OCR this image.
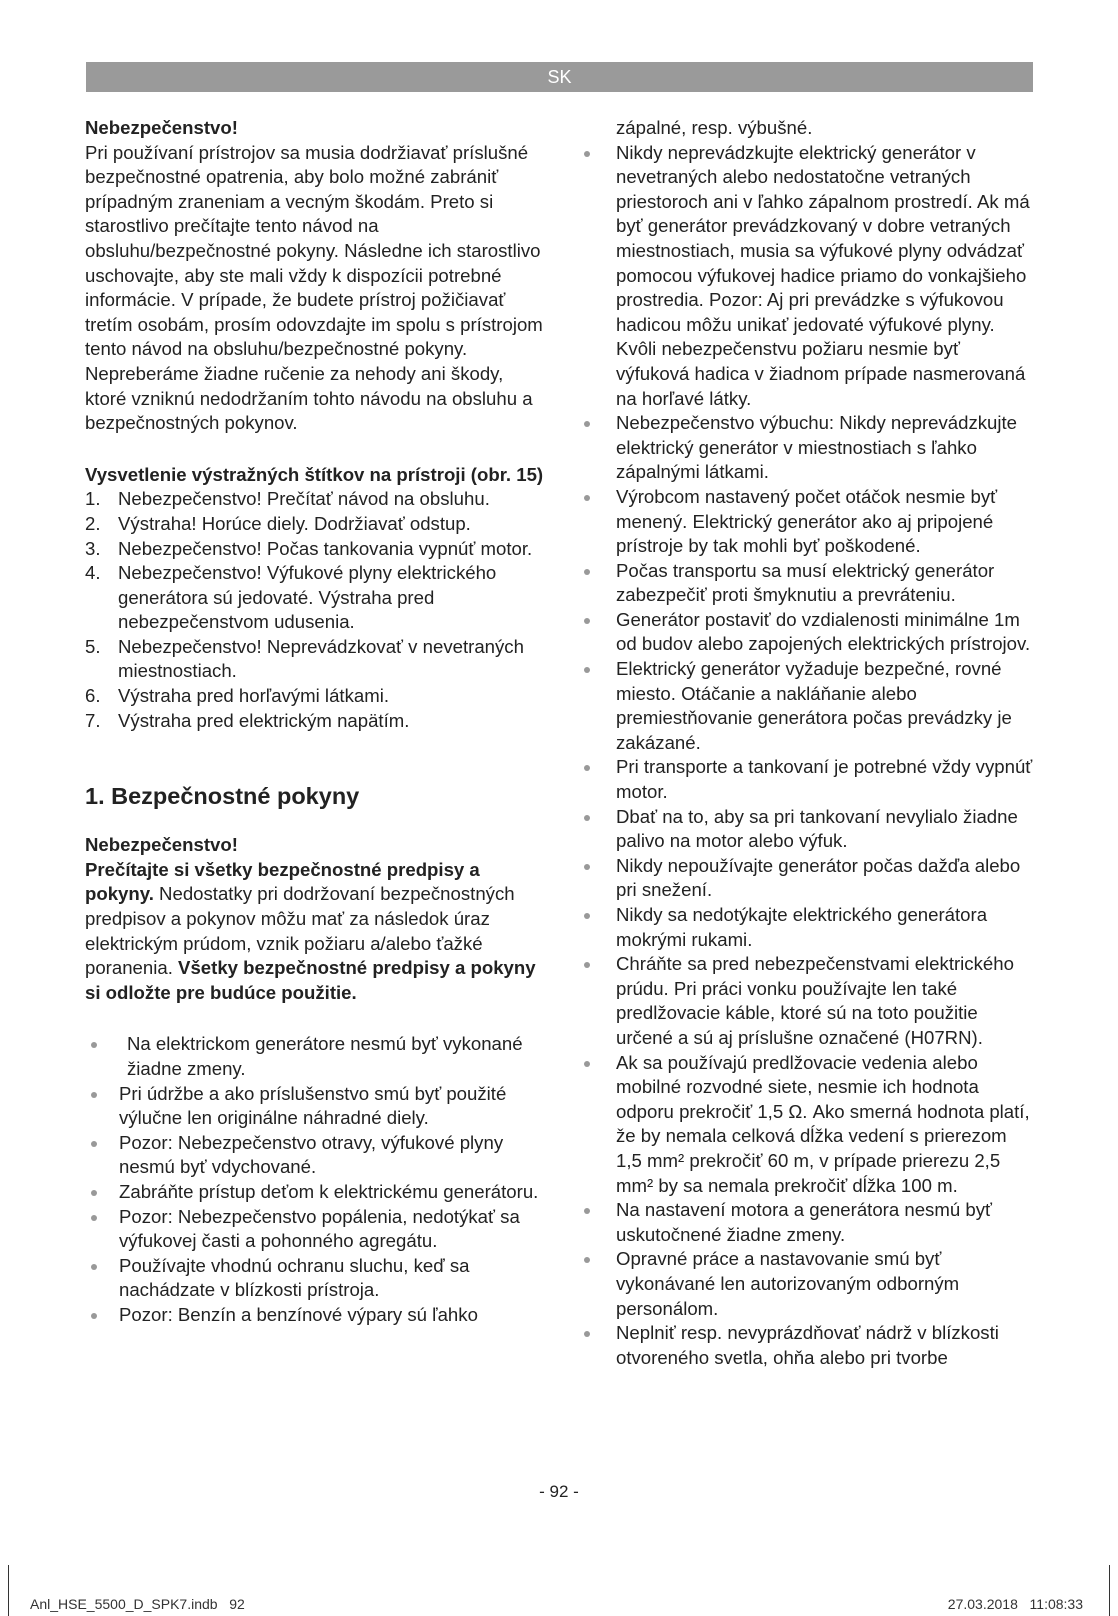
SK

Nebezpečenstvo!

Pri používaní prístrojov sa musia dodržiavať príslušné bezpečnostné opatrenia, aby bolo možné zabrániť prípadným zraneniam a vecným škodám. Preto si starostlivo prečítajte tento návod na obsluhu/bezpečnostné pokyny. Následne ich starostlivo uschovajte, aby ste mali vždy k dispozícii potrebné informácie. V prípade, že budete prístroj požičiavať tretím osobám, prosím odovzdajte im spolu s prístrojom tento návod na obsluhu/bezpečnostné pokyny. Nepreberáme žiadne ručenie za nehody ani škody, ktoré vzniknú nedodržaním tohto návodu na obsluhu a bezpečnostných pokynov.

Vysvetlenie výstražných štítkov na prístroji (obr. 15)

1. Nebezpečenstvo! Prečítať návod na obsluhu.
2. Výstraha! Horúce diely. Dodržiavať odstup.
3. Nebezpečenstvo! Počas tankovania vypnúť motor.
4. Nebezpečenstvo! Výfukové plyny elektrického generátora sú jedovaté. Výstraha pred nebezpečenstvom udusenia.
5. Nebezpečenstvo! Neprevádzkovať v nevetraných miestnostiach.
6. Výstraha pred horľavými látkami.
7. Výstraha pred elektrickým napätím.
1. Bezpečnostné pokyny

Nebezpečenstvo!

Prečítajte si všetky bezpečnostné predpisy a pokyny. Nedostatky pri dodržovaní bezpečnostných predpisov a pokynov môžu mať za následok úraz elektrickým prúdom, vznik požiaru a/alebo ťažké poranenia. Všetky bezpečnostné predpisy a pokyny si odložte pre budúce použitie.

Na elektrickom generátore nesmú byť vykonané žiadne zmeny.
Pri údržbe a ako príslušenstvo smú byť použité výlučne len originálne náhradné diely.
Pozor: Nebezpečenstvo otravy, výfukové plyny nesmú byť vdychované.
Zabráňte prístup deťom k elektrickému generátoru.
Pozor: Nebezpečenstvo popálenia, nedotýkať sa výfukovej časti a pohonného agregátu.
Používajte vhodnú ochranu sluchu, keď sa nachádzate v blízkosti prístroja.
Pozor: Benzín a benzínové výpary sú ľahko

zápalné, resp. výbušné.

Nikdy neprevádzkujte elektrický generátor v nevetraných alebo nedostatočne vetraných priestoroch ani v ľahko zápalnom prostredí. Ak má byť generátor prevádzkovaný v dobre vetraných miestnostiach, musia sa výfukové plyny odvádzať pomocou výfukovej hadice priamo do vonkajšieho prostredia. Pozor: Aj pri prevádzke s výfukovou hadicou môžu unikať jedovaté výfukové plyny. Kvôli nebezpečenstvu požiaru nesmie byť výfuková hadica v žiadnom prípade nasmerovaná na horľavé látky.
Nebezpečenstvo výbuchu: Nikdy neprevádzkujte elektrický generátor v miestnostiach s ľahko zápalnými látkami.
Výrobcom nastavený počet otáčok nesmie byť menený. Elektrický generátor ako aj pripojené prístroje by tak mohli byť poškodené.
Počas transportu sa musí elektrický generátor zabezpečiť proti šmyknutiu a prevráteniu.
Generátor postaviť do vzdialenosti minimálne 1m od budov alebo zapojených elektrických prístrojov.
Elektrický generátor vyžaduje bezpečné, rovné miesto. Otáčanie a nakláňanie alebo premiestňovanie generátora počas prevádzky je zakázané.
Pri transporte a tankovaní je potrebné vždy vypnúť motor.
Dbať na to, aby sa pri tankovaní nevylialo žiadne palivo na motor alebo výfuk.
Nikdy nepoužívajte generátor počas dažďa alebo pri snežení.
Nikdy sa nedotýkajte elektrického generátora mokrými rukami.
Chráňte sa pred nebezpečenstvami elektrického prúdu. Pri práci vonku používajte len také predlžovacie káble, ktoré sú na toto použitie určené a sú aj príslušne označené (H07RN).
Ak sa používajú predlžovacie vedenia alebo mobilné rozvodné siete, nesmie ich hodnota odporu prekročiť 1,5 Ω. Ako smerná hodnota platí, že by nemala celková dĺžka vedení s prierezom 1,5 mm² prekročiť 60 m, v prípade prierezu 2,5 mm² by sa nemala prekročiť dĺžka 100 m.
Na nastavení motora a generátora nesmú byť uskutočnené žiadne zmeny.
Opravné práce a nastavovanie smú byť vykonávané len autorizovaným odborným personálom.
Neplniť resp. nevyprázdňovať nádrž v blízkosti otvoreného svetla, ohňa alebo pri tvorbe
- 92 -
Anl_HSE_5500_D_SPK7.indb   92	27.03.2018   11:08:33
